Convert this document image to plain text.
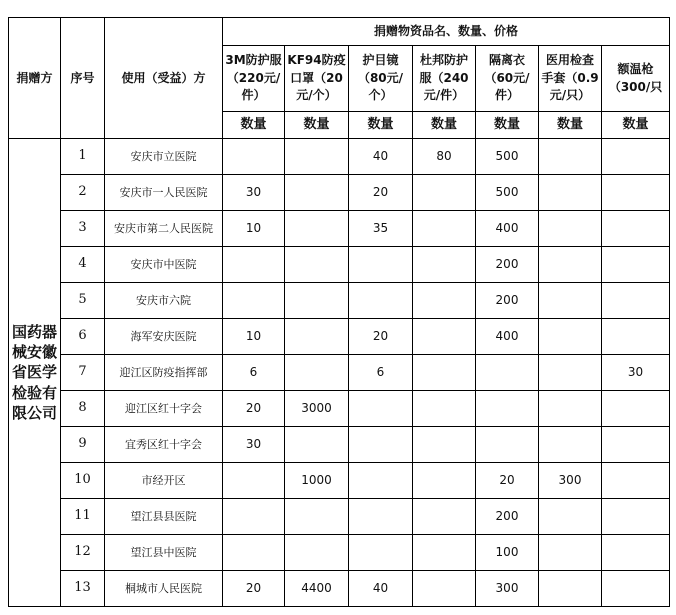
捐赠方	序号	使用（受益）方	捐赠物资品名、数量、价格						
			3M防护服（220元/件）	KF94防疫口罩（20元/个）	护目镜（80元/个）	杜邦防护服（240元/件）	隔离衣（60元/件）	医用检查手套（0.9元/只）	额温枪（300/只
			数量	数量	数量	数量	数量	数量	数量
国药器械安徽省医学检验有限公司	1	安庆市立医院			40	80	500		
	2	安庆市一人民医院	30		20		500		
	3	安庆市第二人民医院	10		35		400		
	4	安庆市中医院					200		
	5	安庆市六院					200		
	6	海军安庆医院	10		20		400		
	7	迎江区防疫指挥部	6		6				30
	8	迎江区红十字会	20	3000					
	9	宜秀区红十字会	30						
	10	市经开区		1000			20	300	
	11	望江县县医院					200		
	12	望江县中医院					100		
	13	桐城市人民医院	20	4400	40		300		
